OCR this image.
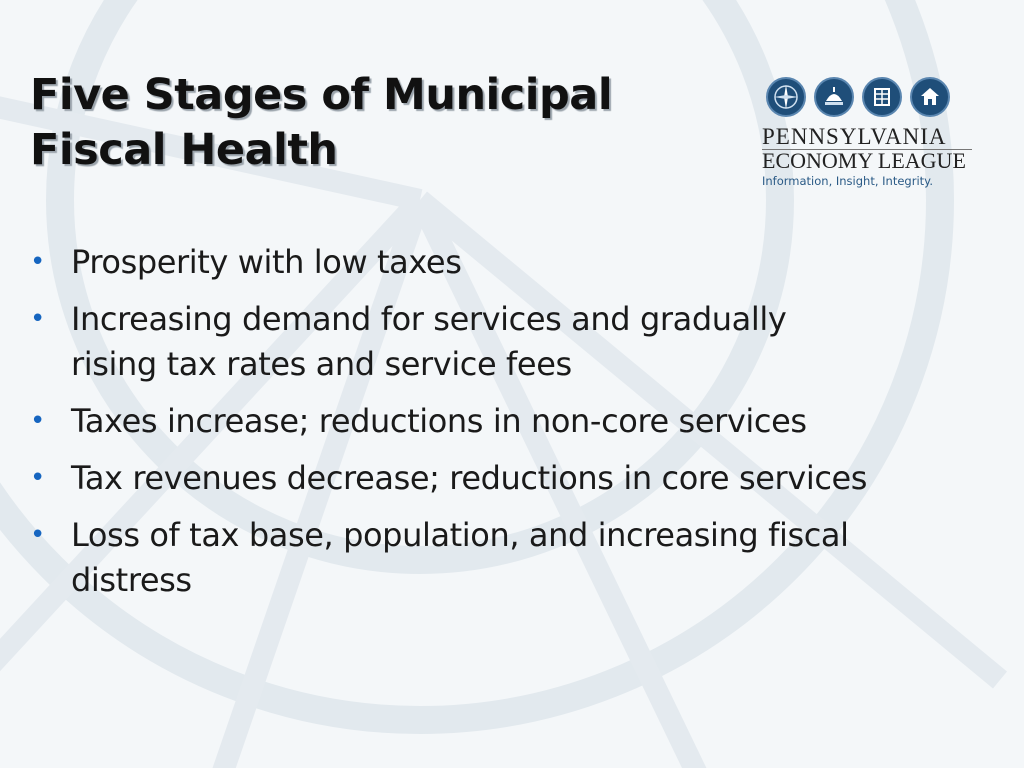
Five Stages of Municipal
Fiscal Health	PENNSYLVANIA
ECONOMY LEAGUE
Information, Insight, Integrity.
• Prosperity with low taxes
• Increasing demand for services and gradually
rising tax rates and service fees
• Taxes increase; reductions in non-core services
• Tax revenues decrease; reductions in core services
• Loss of tax base, population, and increasing fiscal
distress
